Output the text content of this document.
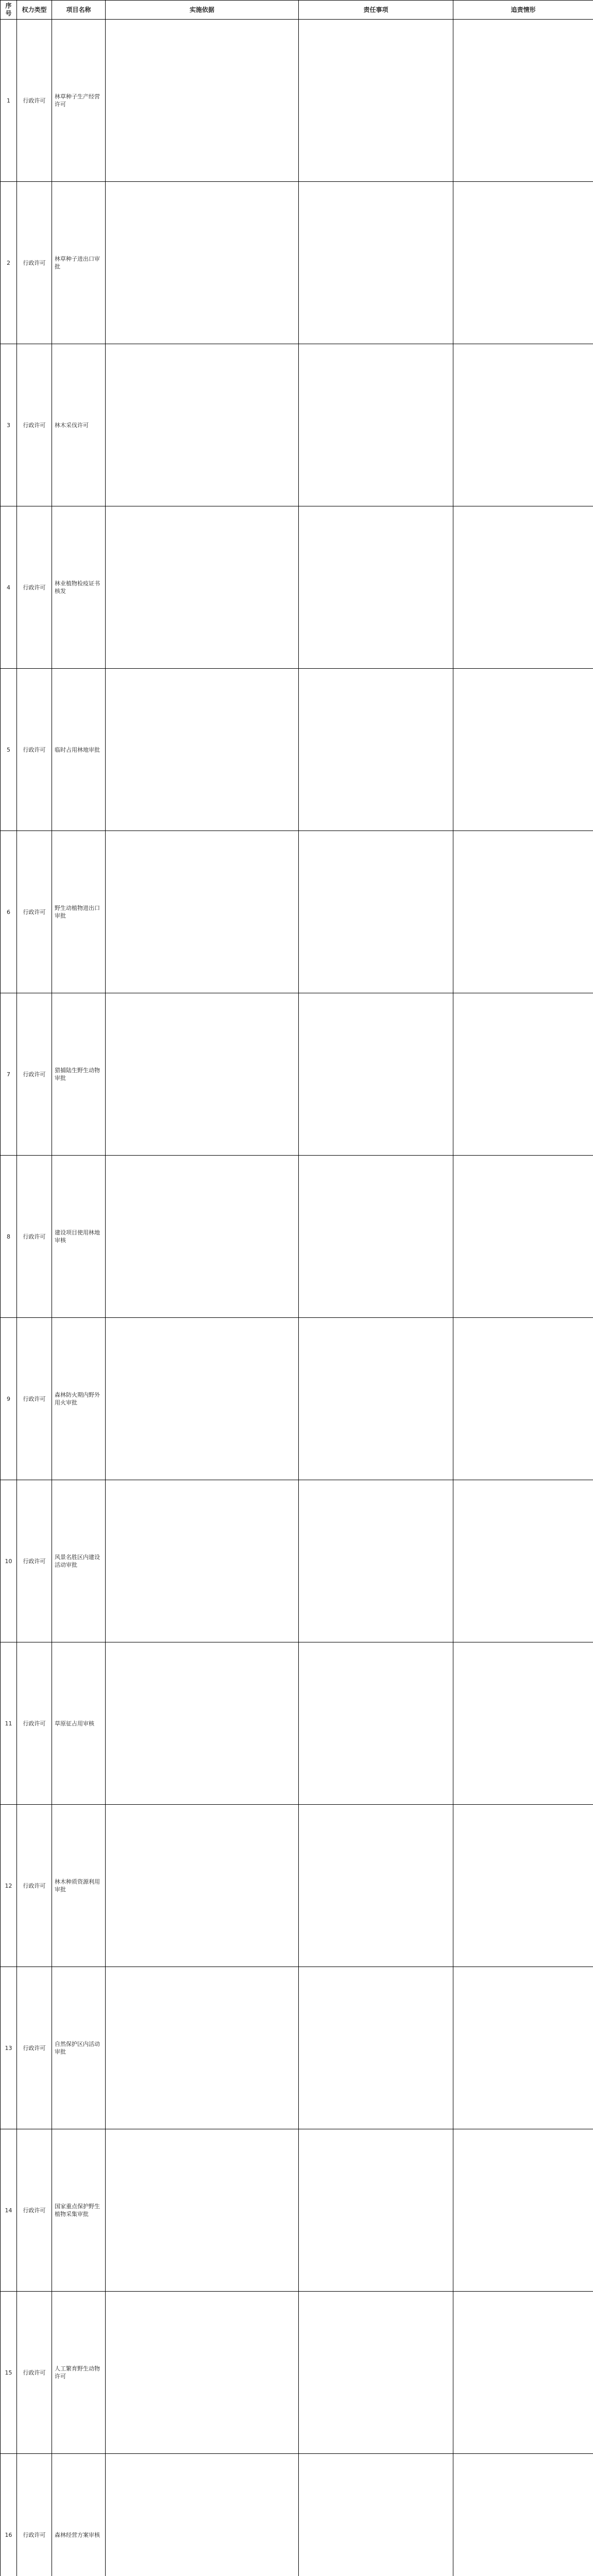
序号	权力类型	项目名称	实施依据	责任事项	追责情形
1	行政许可	林草种子生产经营许可			
2	行政许可	林草种子进出口审批			
3	行政许可	林木采伐许可			
4	行政许可	林业植物检疫证书核发			
5	行政许可	临时占用林地审批			
6	行政许可	野生动植物进出口审批			
7	行政许可	猎捕陆生野生动物审批			
8	行政许可	建设项目使用林地审核			
9	行政许可	森林防火期内野外用火审批			
10	行政许可	风景名胜区内建设活动审批			
11	行政许可	草原征占用审核			
12	行政许可	林木种质资源利用审批			
13	行政许可	自然保护区内活动审批			
14	行政许可	国家重点保护野生植物采集审批			
15	行政许可	人工繁育野生动物许可			
16	行政许可	森林经营方案审核			
